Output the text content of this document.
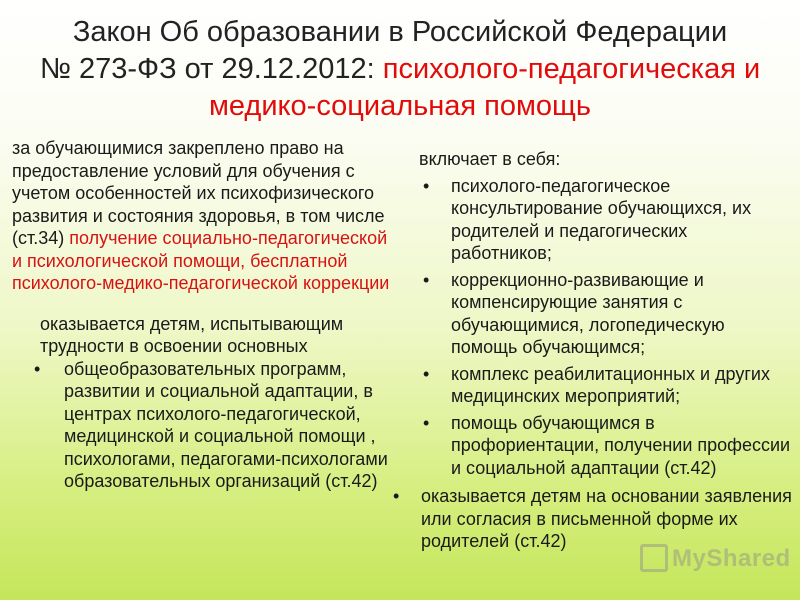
Закон Об образовании в Российской Федерации
№ 273-ФЗ от 29.12.2012: психолого-педагогическая и
медико-социальная помощь
за обучающимися закреплено право на предоставление условий для обучения с учетом особенностей их психофизического развития и состояния здоровья, в том числе (ст.34) получение социально-педагогической и психологической помощи, бесплатной психолого-медико-педагогической коррекции
оказывается детям, испытывающим трудности в освоении основных
• общеобразовательных программ, развитии и социальной адаптации, в центрах психолого-педагогической, медицинской и социальной помощи , психологами, педагогами-психологами образовательных организаций (ст.42)
включает в себя:
• психолого-педагогическое консультирование обучающихся, их родителей и педагогических работников;
• коррекционно-развивающие и компенсирующие занятия с обучающимися, логопедическую помощь обучающимся;
• комплекс реабилитационных и других медицинских мероприятий;
• помощь обучающимся в профориентации, получении профессии и социальной адаптации (ст.42)
• оказывается детям на основании заявления или согласия в письменной форме их родителей (ст.42)
MyShared
